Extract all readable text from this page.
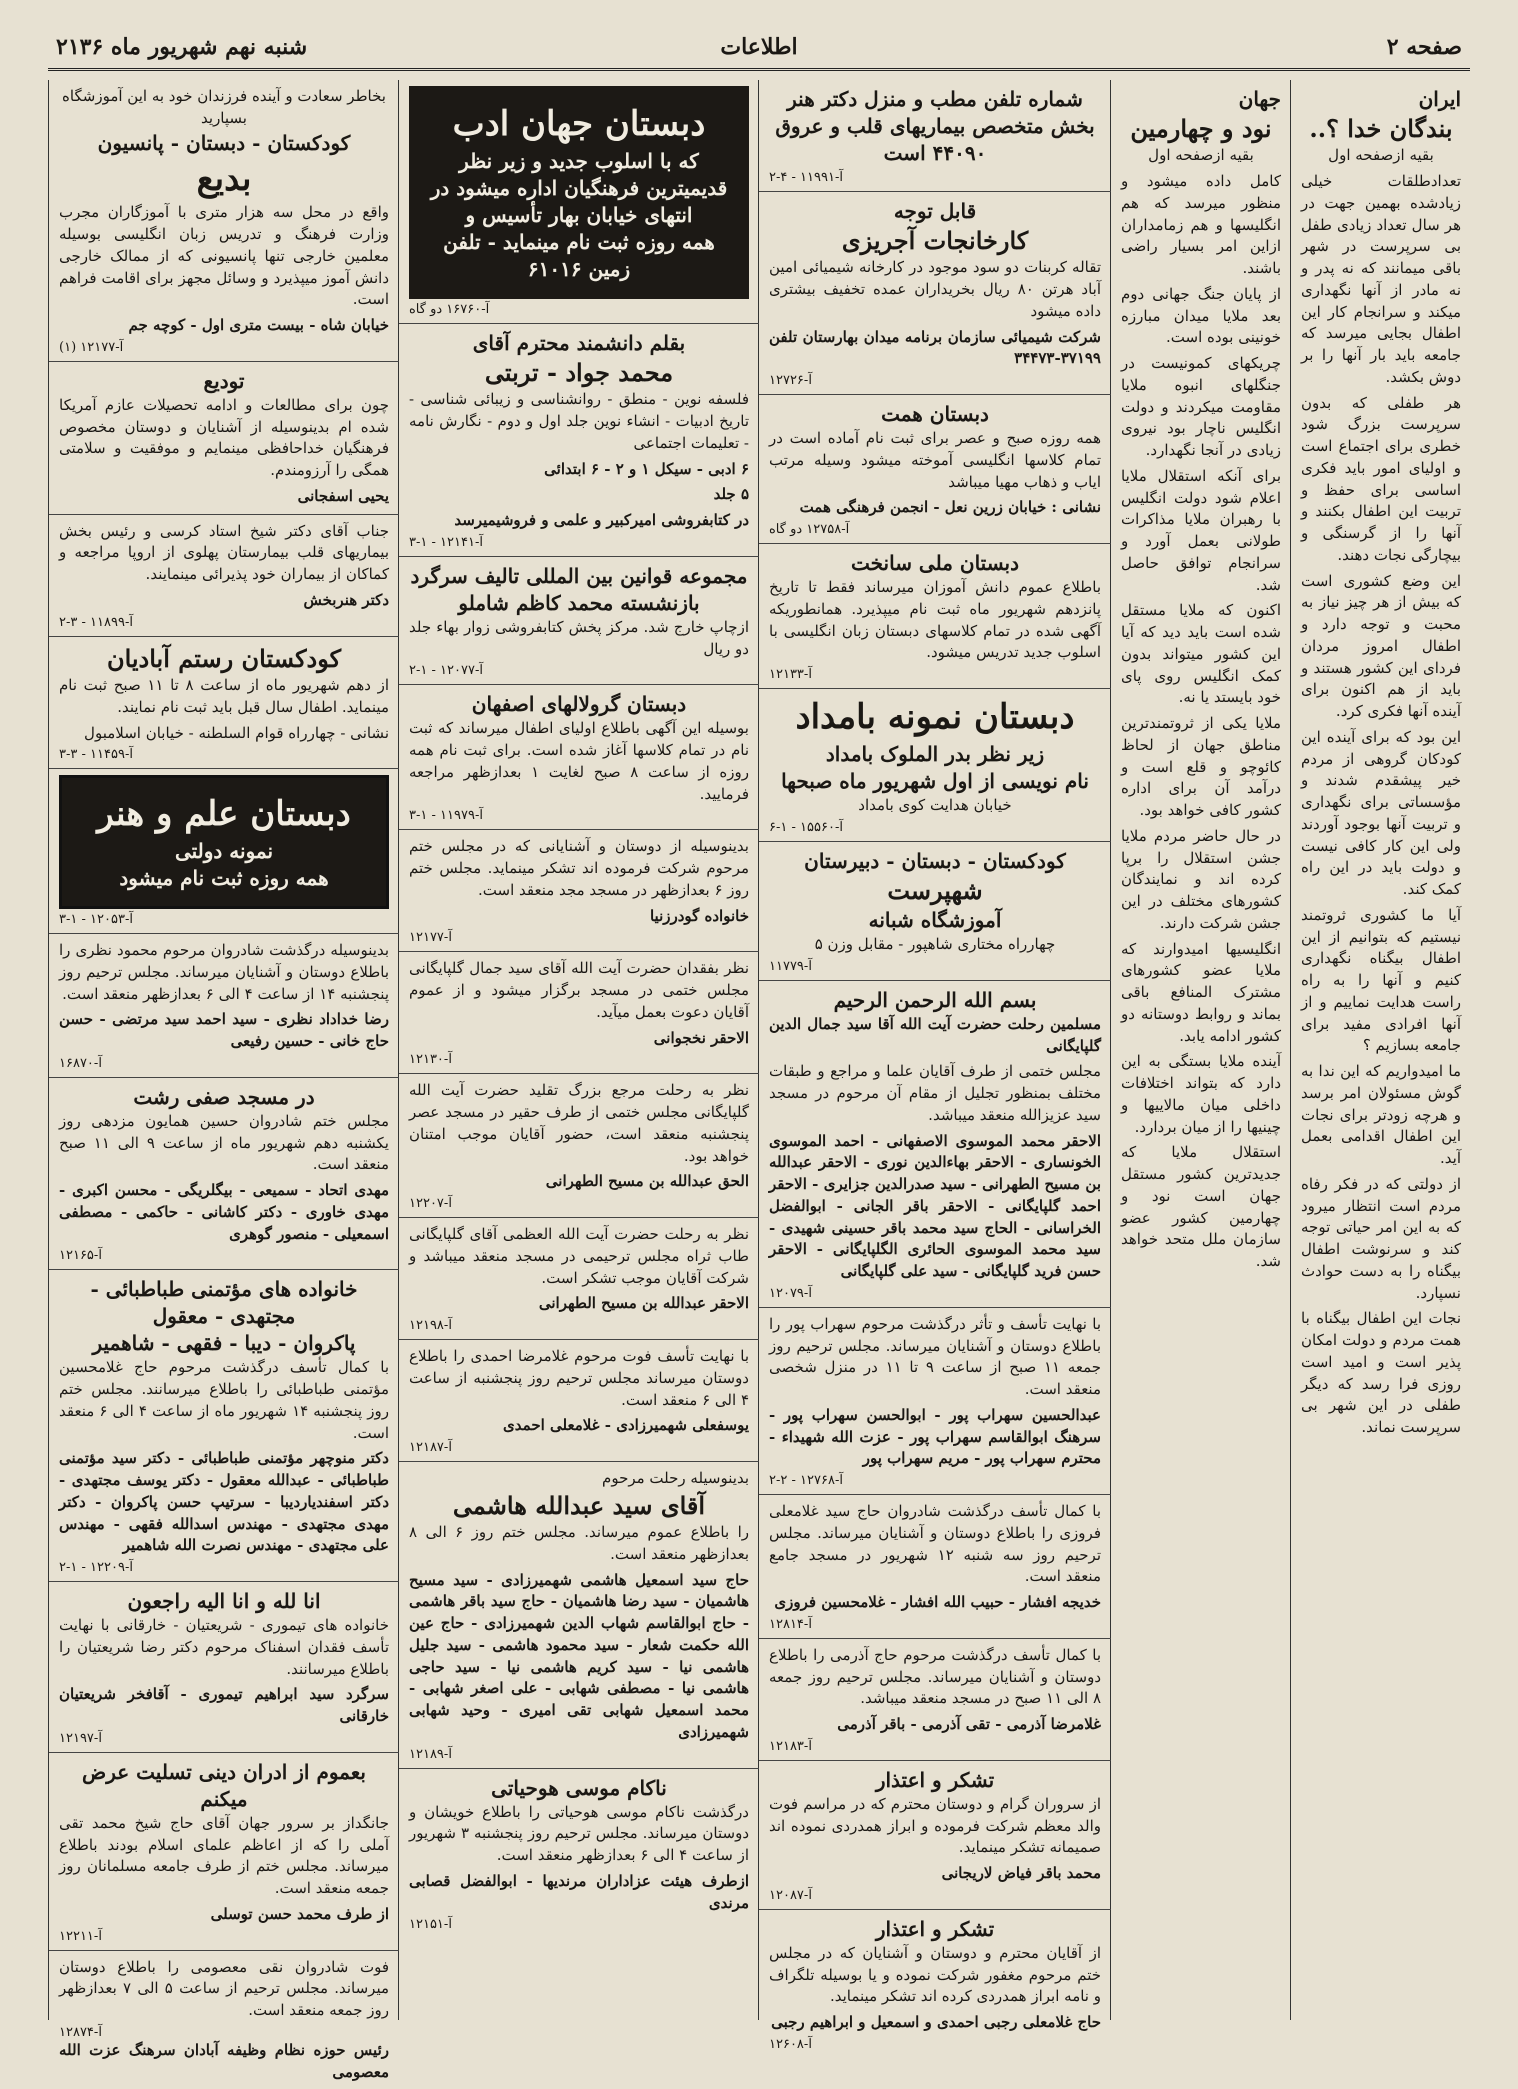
صفحه ۲
اطلاعات
شنبه نهم شهریور ماه ۲۱۳۶
ایران
بندگان خدا ؟..
بقیه ازصفحه اول
تعدادطلقات خیلی زیادشده بهمین جهت در هر سال تعداد زیادی طفل بی سرپرست در شهر باقی میمانند که نه پدر و نه مادر از آنها نگهداری میکند و سرانجام کار این اطفال بجایی میرسد که جامعه باید بار آنها را بر دوش بکشد.
هر طفلی که بدون سرپرست بزرگ شود خطری برای اجتماع است و اولیای امور باید فکری اساسی برای حفظ و تربیت این اطفال بکنند و آنها را از گرسنگی و بیچارگی نجات دهند.
این وضع کشوری است که بیش از هر چیز نیاز به محبت و توجه دارد و اطفال امروز مردان فردای این کشور هستند و باید از هم اکنون برای آینده آنها فکری کرد.
این بود که برای آینده این کودکان گروهی از مردم خیر پیشقدم شدند و مؤسساتی برای نگهداری و تربیت آنها بوجود آوردند ولی این کار کافی نیست و دولت باید در این راه کمک کند.
آیا ما کشوری ثروتمند نیستیم که بتوانیم از این اطفال بیگناه نگهداری کنیم و آنها را به راه راست هدایت نماییم و از آنها افرادی مفید برای جامعه بسازیم ؟
ما امیدواریم که این ندا به گوش مسئولان امر برسد و هرچه زودتر برای نجات این اطفال اقدامی بعمل آید.
از دولتی که در فکر رفاه مردم است انتظار میرود که به این امر حیاتی توجه کند و سرنوشت اطفال بیگناه را به دست حوادث نسپارد.
نجات این اطفال بیگناه با همت مردم و دولت امکان پذیر است و امید است روزی فرا رسد که دیگر طفلی در این شهر بی سرپرست نماند.
جهان
نود و چهارمین
بقیه ازصفحه اول
کامل داده میشود و منظور میرسد که هم انگلیسها و هم زمامداران ازاین امر بسیار راضی باشند.
از پایان جنگ جهانی دوم بعد ملایا میدان مبارزه خونینی بوده است.
چریکهای کمونیست در جنگلهای انبوه ملایا مقاومت میکردند و دولت انگلیس ناچار بود نیروی زیادی در آنجا نگهدارد.
برای آنکه استقلال ملایا اعلام شود دولت انگلیس با رهبران ملایا مذاکرات طولانی بعمل آورد و سرانجام توافق حاصل شد.
اکنون که ملایا مستقل شده است باید دید که آیا این کشور میتواند بدون کمک انگلیس روی پای خود بایستد یا نه.
ملایا یکی از ثروتمندترین مناطق جهان از لحاظ کائوچو و قلع است و درآمد آن برای اداره کشور کافی خواهد بود.
در حال حاضر مردم ملایا جشن استقلال را برپا کرده اند و نمایندگان کشورهای مختلف در این جشن شرکت دارند.
انگلیسیها امیدوارند که ملایا عضو کشورهای مشترک المنافع باقی بماند و روابط دوستانه دو کشور ادامه یابد.
آینده ملایا بستگی به این دارد که بتواند اختلافات داخلی میان مالاییها و چینیها را از میان بردارد.
استقلال ملایا که جدیدترین کشور مستقل جهان است نود و چهارمین کشور عضو سازمان ملل متحد خواهد شد.
شماره تلفن مطب و منزل دکتر هنر بخش متخصص بیماریهای قلب و عروق ۴۴۰۹۰ است
آ-۱۱۹۹۱ - ۴-۲
قابل توجه
کارخانجات آجریزی
تقاله کربنات دو سود موجود در کارخانه شیمیائی امین آباد هرتن ۸۰ ریال بخریداران عمده تخفیف بیشتری داده میشود
شرکت شیمیائی سازمان برنامه میدان بهارستان تلفن ۳۷۱۹۹-۳۴۴۷۳
آ-۱۲۷۲۶
دبستان همت
همه روزه صبح و عصر برای ثبت نام آماده است در تمام کلاسها انگلیسی آموخته میشود وسیله مرتب ایاب و ذهاب مهیا میباشد
نشانی : خیابان زرین نعل - انجمن فرهنگی همت
آ-۱۲۷۵۸ دو گاه
دبستان ملی سانخت
باطلاع عموم دانش آموزان میرساند فقط تا تاریخ پانزدهم شهریور ماه ثبت نام میپذیرد. همانطوریکه آگهی شده در تمام کلاسهای دبستان زبان انگلیسی با اسلوب جدید تدریس میشود.
آ-۱۲۱۳۳
دبستان نمونه بامداد
زیر نظر بدر الملوک بامداد
نام نویسی از اول شهریور ماه صبحها
خیابان هدایت کوی بامداد
آ-۱۵۵۶۰ - ۱-۶
کودکستان - دبستان - دبیرستان
شهپرست
آموزشگاه شبانه
چهارراه مختاری شاهپور - مقابل وزن ۵
آ-۱۱۷۷۹
بسم الله الرحمن الرحیم
مسلمین رحلت حضرت آیت الله آقا سید جمال الدین گلپایگانی
مجلس ختمی از طرف آقایان علما و مراجع و طبقات مختلف بمنظور تجلیل از مقام آن مرحوم در مسجد سید عزیزالله منعقد میباشد.
الاحقر محمد الموسوی الاصفهانی - احمد الموسوی الخونساری - الاحقر بهاءالدین نوری - الاحقر عبدالله بن مسیح الطهرانی - سید صدرالدین جزایری - الاحقر احمد گلپایگانی - الاحقر باقر الجانی - ابوالفضل الخراسانی - الحاج سید محمد باقر حسینی شهیدی - سید محمد الموسوی الحائری الگلپایگانی - الاحقر حسن فرید گلپایگانی - سید علی گلپایگانی
آ-۱۲۰۷۹
با نهایت تأسف و تأثر درگذشت مرحوم سهراب پور را باطلاع دوستان و آشنایان میرساند. مجلس ترحیم روز جمعه ۱۱ صبح از ساعت ۹ تا ۱۱ در منزل شخصی منعقد است.
عبدالحسین سهراب پور - ابوالحسن سهراب پور - سرهنگ ابوالقاسم سهراب پور - عزت الله شهیداء - محترم سهراب پور - مریم سهراب پور
آ-۱۲۷۶۸ - ۲-۲
با کمال تأسف درگذشت شادروان حاج سید غلامعلی فروزی را باطلاع دوستان و آشنایان میرساند. مجلس ترحیم روز سه شنبه ۱۲ شهریور در مسجد جامع منعقد است.
خدیجه افشار - حبیب الله افشار - غلامحسین فروزی
آ-۱۲۸۱۴
با کمال تأسف درگذشت مرحوم حاج آذرمی را باطلاع دوستان و آشنایان میرساند. مجلس ترحیم روز جمعه ۸ الی ۱۱ صبح در مسجد منعقد میباشد.
غلامرضا آذرمی - تقی آذرمی - باقر آذرمی
آ-۱۲۱۸۳
تشکر و اعتذار
از سروران گرام و دوستان محترم که در مراسم فوت والد معظم شرکت فرموده و ابراز همدردی نموده اند صمیمانه تشکر مینماید.
محمد باقر فیاض لاریجانی
آ-۱۲۰۸۷
تشکر و اعتذار
از آقایان محترم و دوستان و آشنایان که در مجلس ختم مرحوم مغفور شرکت نموده و یا بوسیله تلگراف و نامه ابراز همدردی کرده اند تشکر مینماید.
حاج غلامعلی رجبی احمدی و اسمعیل و ابراهیم رجبی
آ-۱۲۶۰۸
دبستان جهان ادب
که با اسلوب جدید و زیر نظر قدیمیترین فرهنگیان اداره میشود در انتهای خیابان بهار تأسیس و
همه روزه ثبت نام مینماید - تلفن زمین ۶۱۰۱۶
آ-۱۶۷۶۰ دو گاه
بقلم دانشمند محترم آقای
محمد جواد - تربتی
فلسفه نوین - منطق - روانشناسی و زیبائی شناسی - تاریخ ادبیات - انشاء نوین جلد اول و دوم - نگارش نامه - تعلیمات اجتماعی
۶ ادبی - سیکل ۱ و ۲ - ۶ ابتدائی
۵ جلد
در کتابفروشی امیرکبیر و علمی و فروشیمیرسد
آ-۱۲۱۴۱ - ۱-۳
مجموعه قوانین بین المللی تالیف سرگرد بازنشسته محمد کاظم شاملو
ازچاپ خارج شد. مرکز پخش کتابفروشی زوار بهاء جلد دو ریال
آ-۱۲۰۷۷ - ۱-۲
دبستان گرولالهای اصفهان
بوسیله این آگهی باطلاع اولیای اطفال میرساند که ثبت نام در تمام کلاسها آغاز شده است. برای ثبت نام همه روزه از ساعت ۸ صبح لغایت ۱ بعدازظهر مراجعه فرمایید.
آ-۱۱۹۷۹ - ۱-۳
بدینوسیله از دوستان و آشنایانی که در مجلس ختم مرحوم شرکت فرموده اند تشکر مینماید. مجلس ختم روز ۶ بعدازظهر در مسجد مجد منعقد است.
خانواده گودرزنیا
آ-۱۲۱۷۷
نظر بفقدان حضرت آیت الله آقای سید جمال گلپایگانی مجلس ختمی در مسجد برگزار میشود و از عموم آقایان دعوت بعمل میآید.
الاحقر نخجوانی
آ-۱۲۱۳۰
نظر به رحلت مرجع بزرگ تقلید حضرت آیت الله گلپایگانی مجلس ختمی از طرف حقیر در مسجد عصر پنجشنبه منعقد است، حضور آقایان موجب امتنان خواهد بود.
الحق عبدالله بن مسیح الطهرانی
آ-۱۲۲۰۷
نظر به رحلت حضرت آیت الله العظمی آقای گلپایگانی طاب ثراه مجلس ترحیمی در مسجد منعقد میباشد و شرکت آقایان موجب تشکر است.
الاحقر عبدالله بن مسیح الطهرانی
آ-۱۲۱۹۸
با نهایت تأسف فوت مرحوم غلامرضا احمدی را باطلاع دوستان میرساند مجلس ترحیم روز پنجشنبه از ساعت ۴ الی ۶ منعقد است.
یوسفعلی شهمیرزادی - غلامعلی احمدی
آ-۱۲۱۸۷
بدینوسیله رحلت مرحوم
آقای سید عبدالله هاشمی
را باطلاع عموم میرساند. مجلس ختم روز ۶ الی ۸ بعدازظهر منعقد است.
حاج سید اسمعیل هاشمی شهمیرزادی - سید مسیح هاشمیان - سید رضا هاشمیان - حاج سید باقر هاشمی - حاج ابوالقاسم شهاب الدین شهمیرزادی - حاج عین الله حکمت شعار - سید محمود هاشمی - سید جلیل هاشمی نیا - سید کریم هاشمی نیا - سید حاجی هاشمی نیا - مصطفی شهابی - علی اصغر شهابی - محمد اسمعیل شهابی تقی امیری - وحید شهابی شهمیرزادی
آ-۱۲۱۸۹
ناکام موسی هوحیاتی
درگذشت ناکام موسی هوحیاتی را باطلاع خویشان و دوستان میرساند. مجلس ترحیم روز پنجشنبه ۳ شهریور از ساعت ۴ الی ۶ بعدازظهر منعقد است.
ازطرف هیئت عزاداران مرندیها - ابوالفضل قصابی مرندی
آ-۱۲۱۵۱
بخاطر سعادت و آینده فرزندان خود به این آموزشگاه بسپارید
کودکستان - دبستان - پانسیون
بدیع
واقع در محل سه هزار متری با آموزگاران مجرب وزارت فرهنگ و تدریس زبان انگلیسی بوسیله معلمین خارجی تنها پانسیونی که از ممالک خارجی دانش آموز میپذیرد و وسائل مجهز برای اقامت فراهم است.
خیابان شاه - بیست متری اول - کوچه جم
آ-۱۲۱۷۷ (۱)
تودیع
چون برای مطالعات و ادامه تحصیلات عازم آمریکا شده ام بدینوسیله از آشنایان و دوستان مخصوص فرهنگیان خداحافظی مینمایم و موفقیت و سلامتی همگی را آرزومندم.
یحیی اسفجانی
جناب آقای دکتر شیخ استاد کرسی و رئیس بخش بیماریهای قلب بیمارستان پهلوی از اروپا مراجعه و کماکان از بیماران خود پذیرائی مینمایند.
دکتر هنربخش
آ-۱۱۸۹۹ - ۳-۲
کودکستان رستم آبادیان
از دهم شهریور ماه از ساعت ۸ تا ۱۱ صبح ثبت نام مینماید. اطفال سال قبل باید ثبت نام نمایند.
نشانی - چهارراه قوام السلطنه - خیابان اسلامبول
آ-۱۱۴۵۹ - ۳-۳
دبستان علم و هنر
نمونه دولتی
همه روزه ثبت نام میشود
آ-۱۲۰۵۳ - ۱-۳
بدینوسیله درگذشت شادروان مرحوم محمود نظری را باطلاع دوستان و آشنایان میرساند. مجلس ترحیم روز پنجشنبه ۱۴ از ساعت ۴ الی ۶ بعدازظهر منعقد است.
رضا خداداد نظری - سید احمد سید مرتضی - حسن حاج خانی - حسین رفیعی
آ-۱۶۸۷۰
در مسجد صفی رشت
مجلس ختم شادروان حسین همایون مزدهی روز یکشنبه دهم شهریور ماه از ساعت ۹ الی ۱۱ صبح منعقد است.
مهدی اتحاد - سمیعی - بیگلریگی - محسن اکبری - مهدی خاوری - دکتر کاشانی - حاکمی - مصطفی اسمعیلی - منصور گوهری
آ-۱۲۱۶۵
خانواده های مؤتمنی طباطبائی - مجتهدی - معقول
پاکروان - دیبا - فقهی - شاهمیر
با کمال تأسف درگذشت مرحوم حاج غلامحسین مؤتمنی طباطبائی را باطلاع میرسانند. مجلس ختم روز پنجشنبه ۱۴ شهریور ماه از ساعت ۴ الی ۶ منعقد است.
دکتر منوچهر مؤتمنی طباطبائی - دکتر سید مؤتمنی طباطبائی - عبدالله معقول - دکتر یوسف مجتهدی - دکتر اسفندیاردیبا - سرتیپ حسن پاکروان - دکتر مهدی مجتهدی - مهندس اسدالله فقهی - مهندس علی مجتهدی - مهندس نصرت الله شاهمیر
آ-۱۲۲۰۹ - ۱-۲
انا لله و انا الیه راجعون
خانواده های تیموری - شریعتیان - خارقانی با نهایت تأسف فقدان اسفناک مرحوم دکتر رضا شریعتیان را باطلاع میرسانند.
سرگرد سید ابراهیم تیموری - آقافخر شریعتیان خارقانی
آ-۱۲۱۹۷
بعموم از ادران دینی تسلیت عرض میکنم
جانگداز بر سرور جهان آقای حاج شیخ محمد تقی آملی را که از اعاظم علمای اسلام بودند باطلاع میرساند. مجلس ختم از طرف جامعه مسلمانان روز جمعه منعقد است.
از طرف محمد حسن توسلی
آ-۱۲۲۱۱
فوت شادروان نقی معصومی را باطلاع دوستان میرساند. مجلس ترحیم از ساعت ۵ الی ۷ بعدازظهر روز جمعه منعقد است.
آ-۱۲۸۷۴
رئیس حوزه نظام وظیفه آبادان سرهنگ عزت الله معصومی
